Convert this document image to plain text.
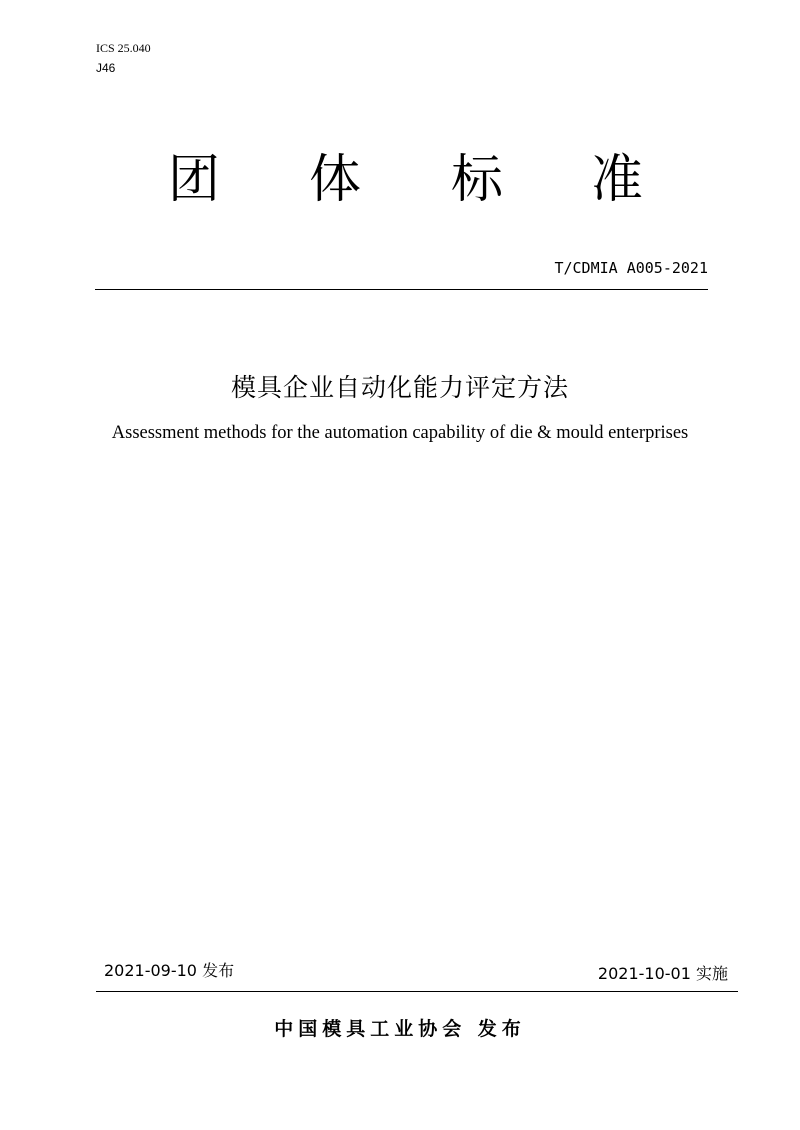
ICS 25.040
J46
团 体 标 准
T/CDMIA A005-2021
模具企业自动化能力评定方法
Assessment methods for the automation capability of die & mould enterprises
2021-09-10 发布	2021-10-01 实施
中国模具工业协会 发布
